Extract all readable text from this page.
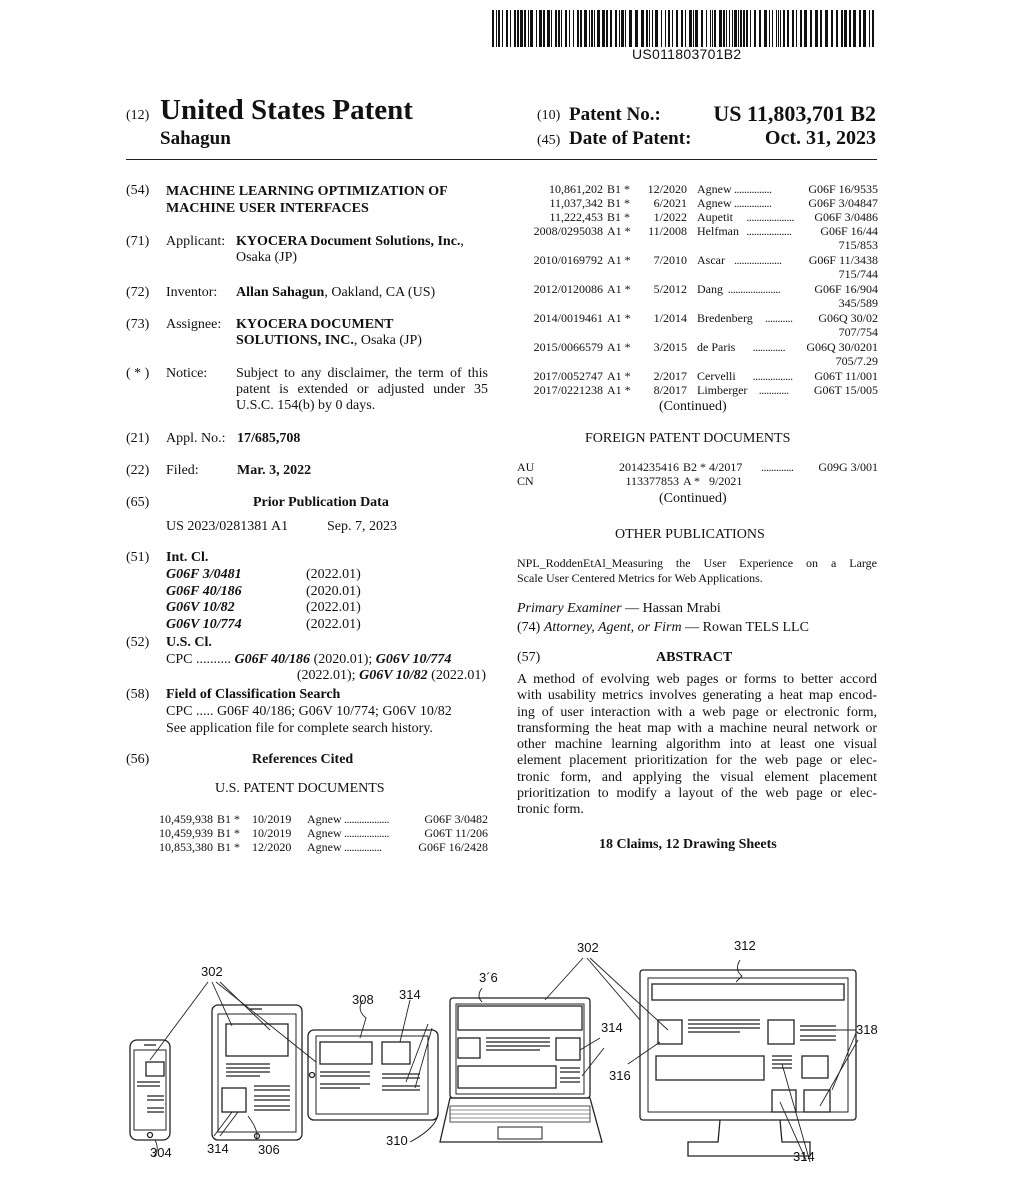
US011803701B2
(12) United States Patent
Sahagun
(10) Patent No.: US 11,803,701 B2
(45) Date of Patent:	Oct. 31, 2023
(54) MACHINE LEARNING OPTIMIZATION OF
MACHINE USER INTERFACES
(71) Applicant: KYOCERA Document Solutions, Inc.,
Osaka (JP)
(72) Inventor: Allan Sahagun, Oakland, CA (US)
(73) Assignee: KYOCERA DOCUMENT
SOLUTIONS, INC., Osaka (JP)
( * ) Notice: Subject to any disclaimer, the term of this
patent is extended or adjusted under 35
U.S.C. 154(b) by 0 days.
(21) Appl. No.: 17/685,708
(22) Filed:	Mar. 3, 2022
(65)	Prior Publication Data
US 2023/0281381 A1	Sep. 7, 2023
(51) Int. Cl.
G06F 3/0481	(2022.01)
G06F 40/186	(2020.01)
G06V 10/82	(2022.01)
G06V 10/774	(2022.01)
(52) U.S. Cl.
CPC .......... G06F 40/186 (2020.01); G06V 10/774
(2022.01); G06V 10/82 (2022.01)
(58) Field of Classification Search
CPC ..... G06F 40/186; G06V 10/774; G06V 10/82
See application file for complete search history.
(56)	References Cited
U.S. PATENT DOCUMENTS
10,459,938 B1 * 10/2019 Agnew ..................	G06F 3/0482
10,459,939 B1 * 10/2019 Agnew ..................	G06T 11/206
10,853,380 B1 * 12/2020 Agnew ...............	G06F 16/2428
10,861,202 B1 * 12/2020 Agnew ...............	G06F 16/9535
11,037,342 B1 * 6/2021 Agnew ...............	G06F 3/04847
11,222,453 B1 * 1/2022 Aupetit ................... G06F 3/0486
2008/0295038 A1 * 11/2008 Helfman .................. G06F 16/44
715/853
2010/0169792 A1 * 7/2010 Ascar ................... G06F 11/3438
715/744
2012/0120086 A1 * 5/2012 Dang .....................	G06F 16/904
345/589
2014/0019461 A1 * 1/2014 Bredenberg ........... G06Q 30/02
707/754
2015/0066579 A1 * 3/2015 de Paris ............. G06Q 30/0201
705/7.29
2017/0052747 A1 * 2/2017 Cervelli ................ G06T 11/001
2017/0221238 A1 * 8/2017 Limberger ............ G06T 15/005
(Continued)
FOREIGN PATENT DOCUMENTS
AU	2014235416 B2 * 4/2017 ............. G09G 3/001
CN	113377853 A * 9/2021
(Continued)
OTHER PUBLICATIONS
NPL_RoddenEtAl_Measuring the User Experience on a Large
Scale User Centered Metrics for Web Applications.
Primary Examiner — Hassan Mrabi
(74) Attorney, Agent, or Firm — Rowan TELS LLC
(57)	ABSTRACT
A method of evolving web pages or forms to better accord
with usability metrics involves generating a heat map encod-
ing of user interaction with a web page or electronic form,
transforming the heat map with a machine neural network or
other machine learning algorithm into at least one visual
element placement prioritization for the web page or elec-
tronic form, and applying the visual element placement
prioritization to modify a layout of the web page or elec-
tronic form.
18 Claims, 12 Drawing Sheets
302
308 314
3´6
302	312
314	318
316
304	314 306
310
314
